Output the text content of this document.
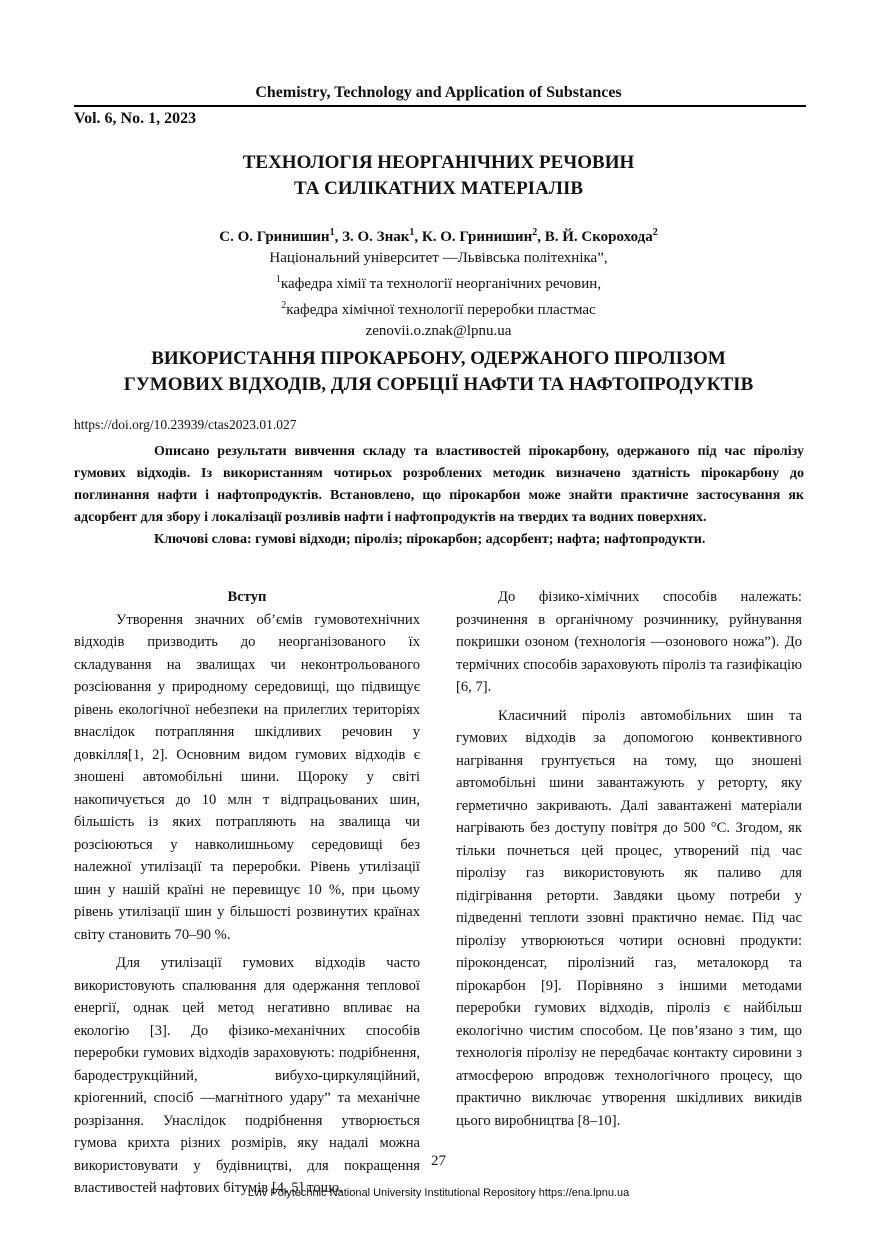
Chemistry, Technology and Application of Substances
Vol. 6, No. 1, 2023
ТЕХНОЛОГІЯ НЕОРГАНІЧНИХ РЕЧОВИН
ТА СИЛІКАТНИХ МАТЕРІАЛІВ
С. О. Гринишин$^1$, З. О. Знак$^1$, К. О. Гринишин$^2$, В. Й. Скорохода$^2$
Національний університет ―Львівська політехніка”,
$^1$кафедра хімії та технології неорганічних речовин,
$^2$кафедра хімічної технології переробки пластмас
zenovii.o.znak@lpnu.ua
ВИКОРИСТАННЯ ПІРОКАРБОНУ, ОДЕРЖАНОГО ПІРОЛІЗОМ
ГУМОВИХ ВІДХОДІВ, ДЛЯ СОРБЦІЇ НАФТИ ТА НАФТОПРОДУКТІВ
https://doi.org/10.23939/ctas2023.01.027

Описано результати вивчення складу та властивостей пірокарбону, одержаного під час піролізу гумових відходів. Із використанням чотирьох розроблених методик визначено здатність пірокарбону до поглинання нафти і нафтопродуктів. Встановлено, що пірокарбон може знайти практичне застосування як адсорбент для збору і локалізації розливів нафти і нафтопродуктів на твердих та водних поверхнях.

Ключові слова: гумові відходи; піроліз; пірокарбон; адсорбент; нафта; нафтопродукти.

Вступ

Утворення значних об’ємів гумовотехнічних відходів призводить до неорганізованого їх складування на звалищах чи неконтрольованого розсіювання у природному середовищі, що підвищує рівень екологічної небезпеки на прилеглих територіях внаслідок потрапляння шкідливих речовин у довкілля[1, 2]. Основним видом гумових відходів є зношені автомобільні шини. Щороку у світі накопичується до 10 млн т відпрацьованих шин, більшість із яких потрапляють на звалища чи розсіюються у навколишньому середовищі без належної утилізації та переробки. Рівень утилізації шин у нашій країні не перевищує 10 %, при цьому рівень утилізації шин у більшості розвинутих країнах світу становить 70–90 %.

Для утилізації гумових відходів часто використовують спалювання для одержання теплової енергії, однак цей метод негативно впливає на екологію [3]. До фізико-механічних способів переробки гумових відходів зараховують: подрібнення, бародеструкційний, вибухо-циркуляційний, кріогенний, спосіб ―магнітного удару” та механічне розрізання. Унаслідок подрібнення утворюється гумова крихта різних розмірів, яку надалі можна використовувати у будівництві, для покращення властивостей нафтових бітумів [4, 5] тощо.

До фізико-хімічних способів належать: розчинення в органічному розчиннику, руйнування покришки озоном (технологія ―озонового ножа”). До термічних способів зараховують піроліз та газифікацію [6, 7].

Класичний піроліз автомобільних шин та гумових відходів за допомогою конвективного нагрівання грунтується на тому, що зношені автомобільні шини завантажують у реторту, яку герметично закривають. Далі завантажені матеріали нагрівають без доступу повітря до 500 °С. Згодом, як тільки почнеться цей процес, утворений під час піролізу газ використовують як паливо для підігрівання реторти. Завдяки цьому потреби у підведенні теплоти ззовні практично немає. Під час піролізу утворюються чотири основні продукти: піроконденсат, піролізний газ, металокорд та пірокарбон [9]. Порівняно з іншими методами переробки гумових відходів, піроліз є найбільш екологічно чистим способом. Це пов’язано з тим, що технологія піролізу не передбачає контакту сировини з атмосферою впродовж технологічного процесу, що практично виключає утворення шкідливих викидів цього виробництва [8–10].

27
Lviv Polytechnic National University Institutional Repository https://ena.lpnu.ua
